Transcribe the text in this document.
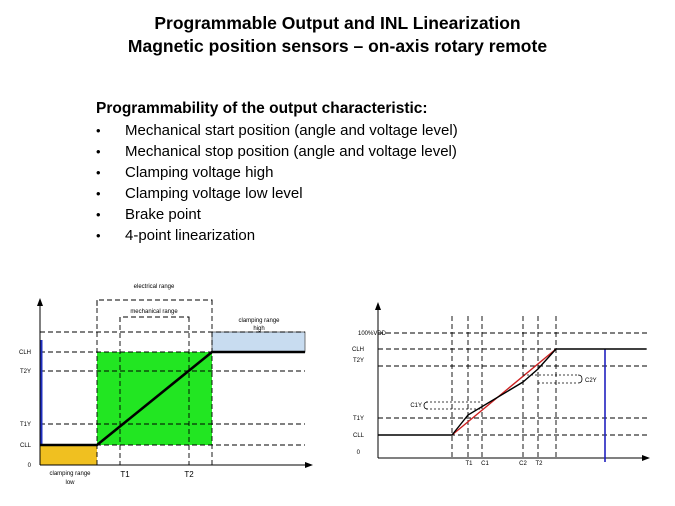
Programmable Output and INL Linearization
Magnetic position sensors – on-axis rotary remote
Programmability of the output characteristic:
• Mechanical start position (angle and voltage level)
• Mechanical stop position (angle and voltage level)
• Clamping voltage high
• Clamping voltage low level
• Brake point
• 4-point linearization
electrical range
mechanical range
CLH
T2Y
T1Y
CLL
0
T1	T2
clamping range
high
clamping range
low
C1Y
C2Y
100%VDD
CLH
T2Y
T1Y
CLL
0
T1 C1	C2 T2
